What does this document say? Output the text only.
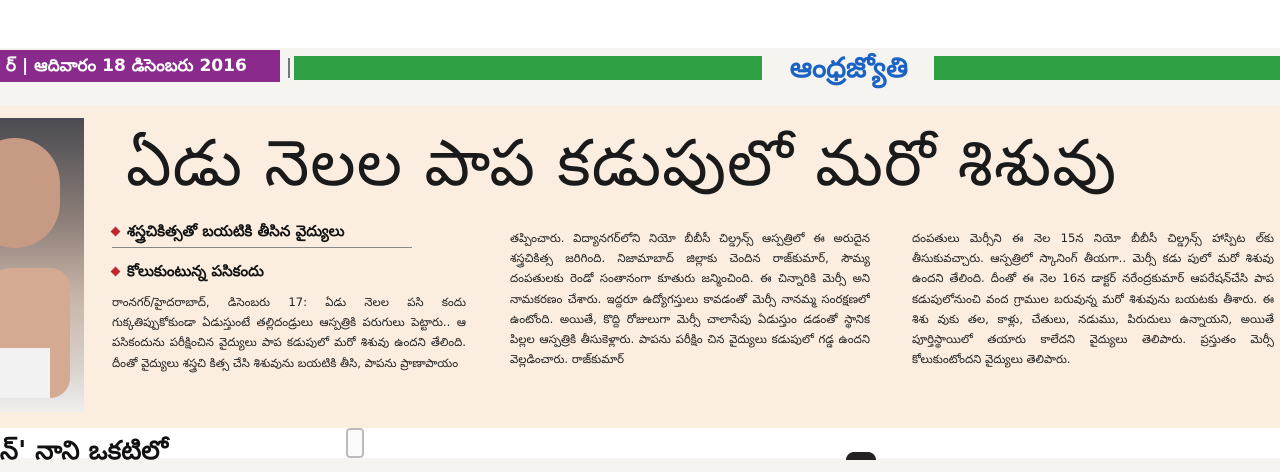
ర్ | ఆదివారం 18 డిసెంబరు 2016	ఆంధ్రజ్యోతి
ఏడు నెలల పాప కడుపులో మరో శిశువు
శస్త్రచికిత్సతో బయటికి తీసిన వైద్యులు
కోలుకుంటున్న పసికందు
రాంనగర్/హైదరాబాద్, డిసెంబరు 17: ఏడు నెలల పసి కందు గుక్కతిప్పుకోకుండా ఏడుస్తుంటే తల్లిదండ్రులు ఆస్పత్రికి పరుగులు పెట్టారు.. ఆ పసికందును పరీక్షించిన వైద్యులు పాప కడుపులో మరో శిశువు ఉందని తేలింది. దీంతో వైద్యులు శస్త్రచి కిత్స చేసి శిశువును బయటికి తీసి, పాపను ప్రాణాపాయం
తప్పించారు. విద్యానగర్‌లోని నియో బీబీసీ చిల్డ్రన్స్ ఆస్పత్రిలో ఈ అరుదైన శస్త్రచికిత్స జరిగింది. నిజామాబాద్ జిల్లాకు చెందిన రాజ్‌కుమార్, సౌమ్య దంపతులకు రెండో సంతానంగా కూతురు జన్మించింది. ఈ చిన్నారికి మెర్సీ అని నామకరణం చేశారు. ఇద్దరూ ఉద్యోగస్తులు కావడంతో మెర్సీ నానమ్మ సంరక్షణలో ఉంటోంది. అయితే, కొద్ది రోజులుగా మెర్సీ చాలాసేపు ఏడుస్తుం డడంతో స్థానిక పిల్లల ఆస్పత్రికి తీసుకెళ్లారు. పాపను పరీక్షిం చిన వైద్యులు కడుపులో గడ్డ ఉందని వెల్లడించారు. రాజ్‌కుమార్
దంపతులు మెర్సీని ఈ నెల 15న నియో బీబీసీ చిల్డ్రన్స్ హాస్పిట ల్‌కు తీసుకువచ్చారు. ఆస్పత్రిలో స్కానింగ్ తీయగా.. మెర్సీ కడు పులో మరో శిశువు ఉందని తేలింది. దీంతో ఈ నెల 16న డాక్టర్ నరేంద్రకుమార్ ఆపరేషన్‌చేసి పాప కడుపులోనుంచి వంద గ్రాముల బరువున్న మరో శిశువును బయటకు తీశారు. ఈ శిశు వుకు తల, కాళ్లు, చేతులు, నడుము, పిరుదులు ఉన్నాయని, అయితే పూర్తిస్థాయిలో తయారు కాలేదని వైద్యులు తెలిపారు. ప్రస్తుతం మెర్సీ కోలుకుంటోందని వైద్యులు తెలిపారు.
న్' నాని ఒకటిలో
